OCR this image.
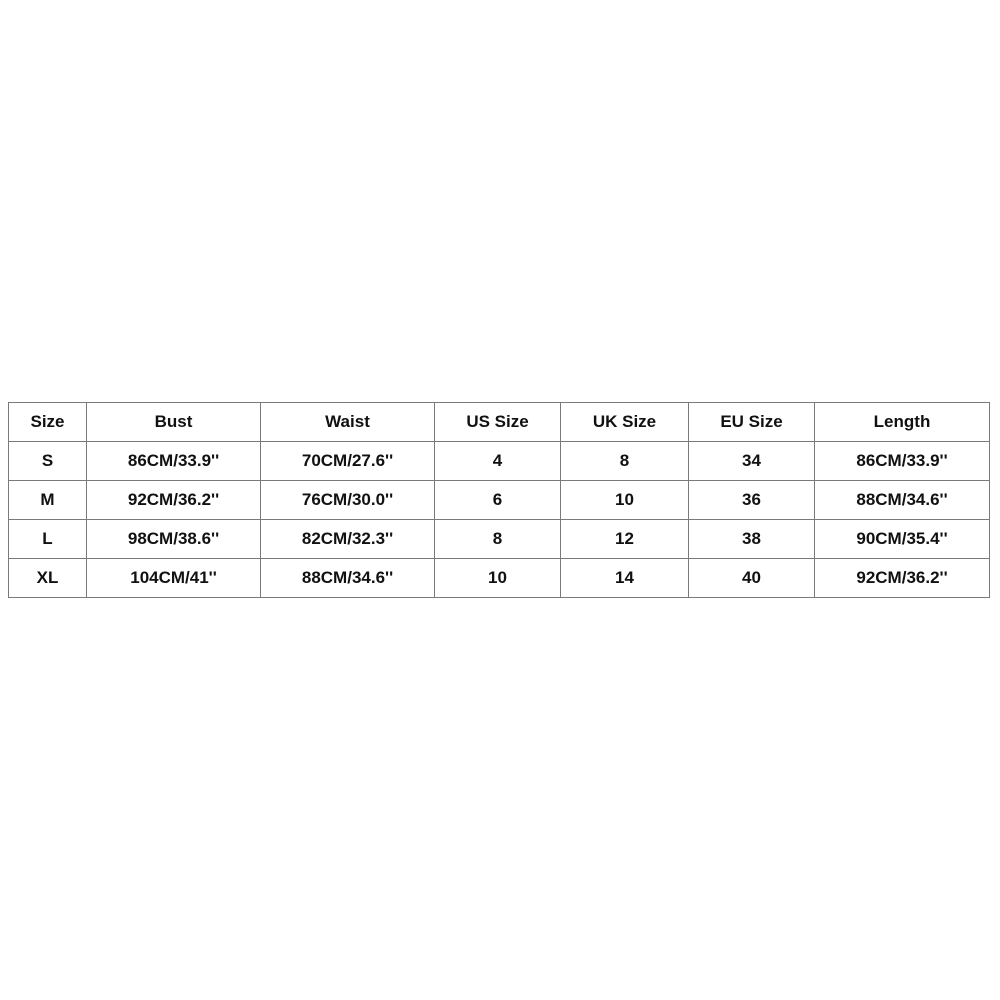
Size	Bust	Waist	US Size	UK Size	EU Size	Length
S	86CM/33.9''	70CM/27.6''	4	8	34	86CM/33.9''
M	92CM/36.2''	76CM/30.0''	6	10	36	88CM/34.6''
L	98CM/38.6''	82CM/32.3''	8	12	38	90CM/35.4''
XL	104CM/41''	88CM/34.6''	10	14	40	92CM/36.2''
